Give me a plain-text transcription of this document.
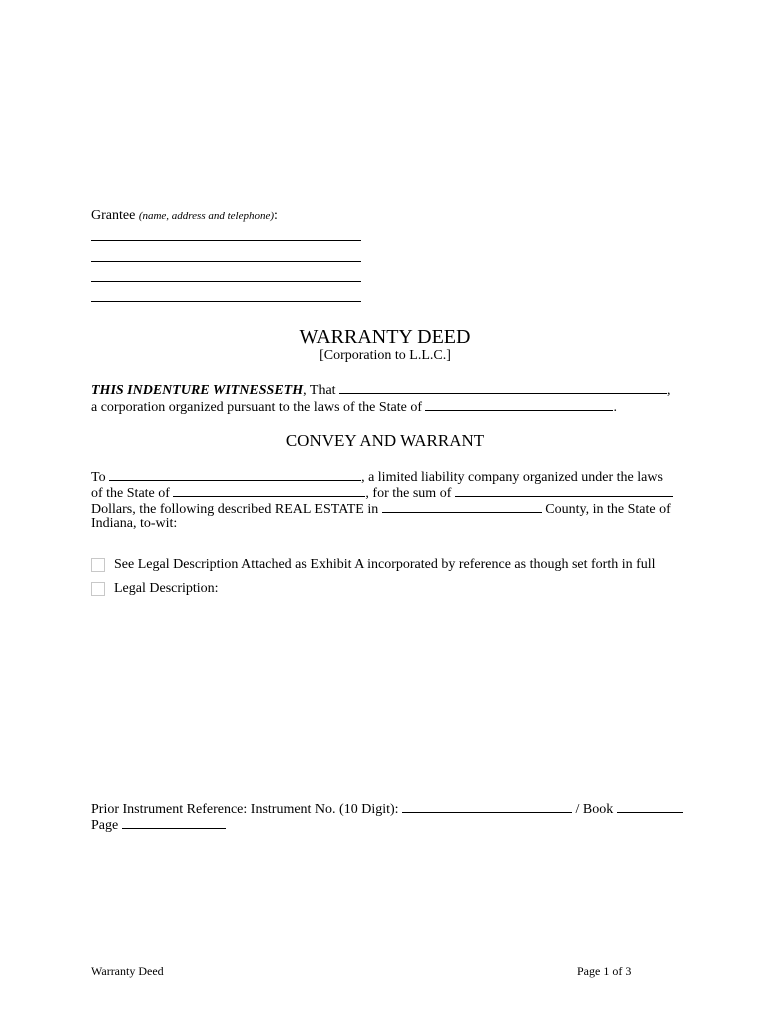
Grantee (name, address and telephone):
WARRANTY DEED
[Corporation to L.L.C.]
THIS INDENTURE WITNESSETH, That	,
a corporation organized pursuant to the laws of the State of	.
CONVEY AND WARRANT
To	, a limited liability company organized under the laws
of the State of	, for the sum of
Dollars, the following described REAL ESTATE in	County, in the State of
Indiana, to-wit:
See Legal Description Attached as Exhibit A incorporated by reference as though set forth in full
Legal Description:
Prior Instrument Reference: Instrument No. (10 Digit):	/ Book
Page
Warranty Deed	Page 1 of 3
